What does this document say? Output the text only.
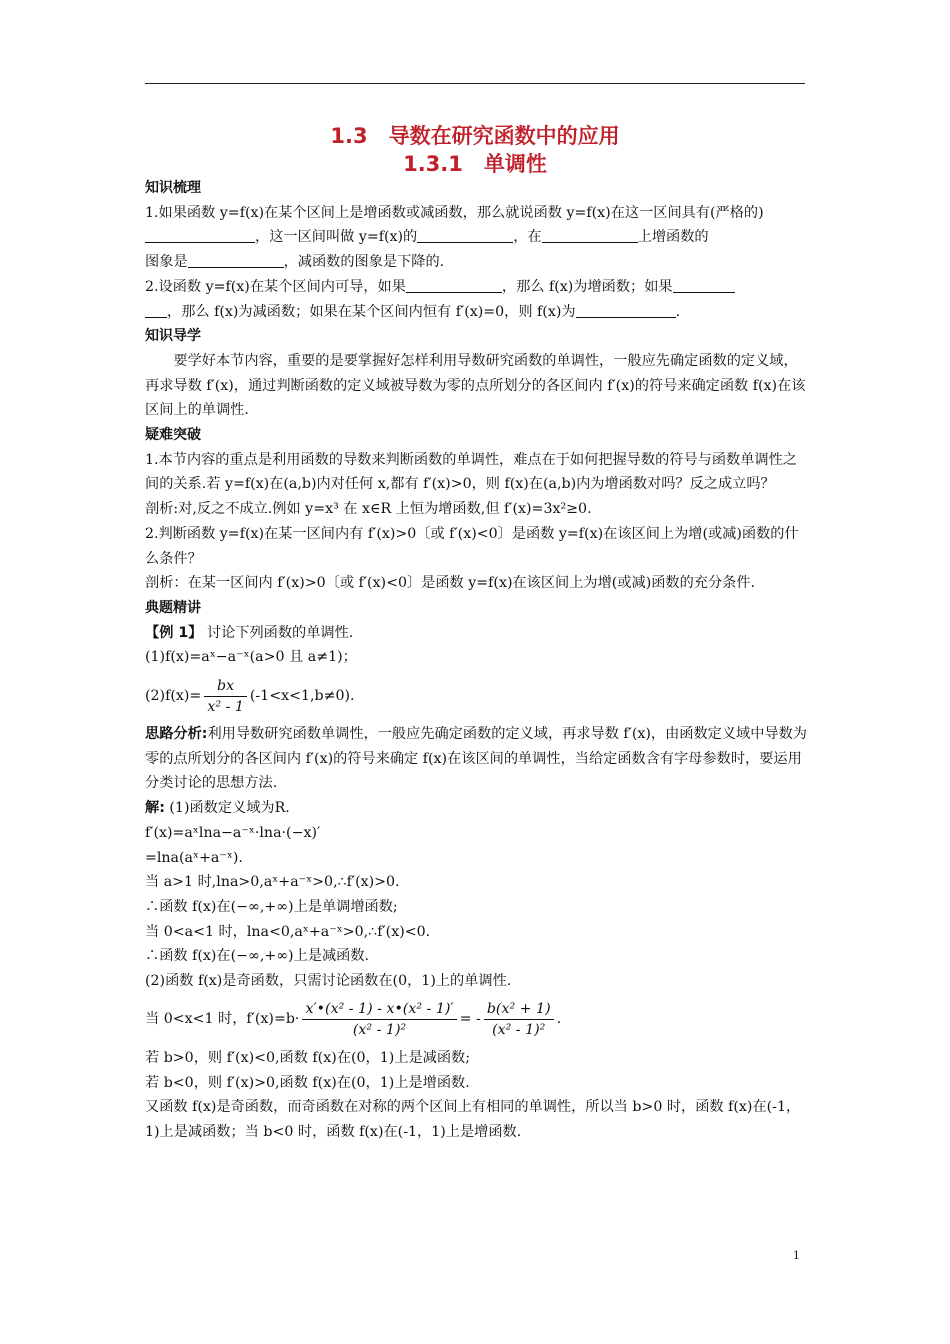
1.3　导数在研究函数中的应用
1.3.1　单调性

知识梳理

1.如果函数 y=f(x)在某个区间上是增函数或减函数，那么就说函数 y=f(x)在这一区间具有(严格的)，这一区间叫做 y=f(x)的	，在	上增函数的
图象是	，减函数的图象是下降的.

2.设函数 y=f(x)在某个区间内可导，如果	，那么 f(x)为增函数；如果
，那么 f(x)为减函数；如果在某个区间内恒有 f′(x)=0，则 f(x)为	.

知识导学

要学好本节内容，重要的是要掌握好怎样利用导数研究函数的单调性，一般应先确定函数的定义域，再求导数 f′(x)，通过判断函数的定义域被导数为零的点所划分的各区间内 f′(x)的符号来确定函数 f(x)在该区间上的单调性.

疑难突破

1.本节内容的重点是利用函数的导数来判断函数的单调性，难点在于如何把握导数的符号与函数单调性之间的关系.若 y=f(x)在(a,b)内对任何 x,都有 f′(x)>0，则 f(x)在(a,b)内为增函数对吗？反之成立吗？

剖析:对,反之不成立.例如 y=x³ 在 x∈R 上恒为增函数,但 f′(x)=3x²≥0.

2.判断函数 y=f(x)在某一区间内有 f′(x)>0〔或 f′(x)<0〕是函数 y=f(x)在该区间上为增(或减)函数的什么条件？

剖析：在某一区间内 f′(x)>0〔或 f′(x)<0〕是函数 y=f(x)在该区间上为增(或减)函数的充分条件.

典题精讲

【例 1】 讨论下列函数的单调性.

(1)f(x)=aˣ−a⁻ˣ(a>0 且 a≠1)；

$(2)f(x)= \frac{bx}{\text{x² - 1}} (-1<x<1,b\ne 0)$.

思路分析:利用导数研究函数单调性，一般应先确定函数的定义域，再求导数 f′(x)，由函数定义域中导数为零的点所划分的各区间内 f′(x)的符号来确定 f(x)在该区间的单调性，当给定函数含有字母参数时，要运用分类讨论的思想方法.

解: (1)函数定义域为R.

f′(x)=aˣlna−a⁻ˣ·lna·(−x)′

=lna(aˣ+a⁻ˣ).

当 a>1 时,lna>0,aˣ+a⁻ˣ>0,∴f′(x)>0.

∴函数 f(x)在(−∞,+∞)上是单调增函数;

当 0<a<1 时，lna<0,aˣ+a⁻ˣ>0,∴f′(x)<0.

∴函数 f(x)在(−∞,+∞)上是减函数.

(2)函数 f(x)是奇函数，只需讨论函数在(0，1)上的单调性.

当 0<x<1 时，$f'(x)=b\cdot \frac{\text{x′•(x² - 1) - x•(x² - 1)′}}{\text{(x² - 1)²}}$ = - $\frac{\text{b(x² + 1)}}{\text{(x² - 1)²}}$ .

若 b>0，则 f′(x)<0,函数 f(x)在(0，1)上是减函数;

若 b<0，则 f′(x)>0,函数 f(x)在(0，1)上是增函数.

又函数 f(x)是奇函数，而奇函数在对称的两个区间上有相同的单调性，所以当 b>0 时，函数 f(x)在(-1，1)上是减函数；当 b<0 时，函数 f(x)在(-1，1)上是增函数.

1
